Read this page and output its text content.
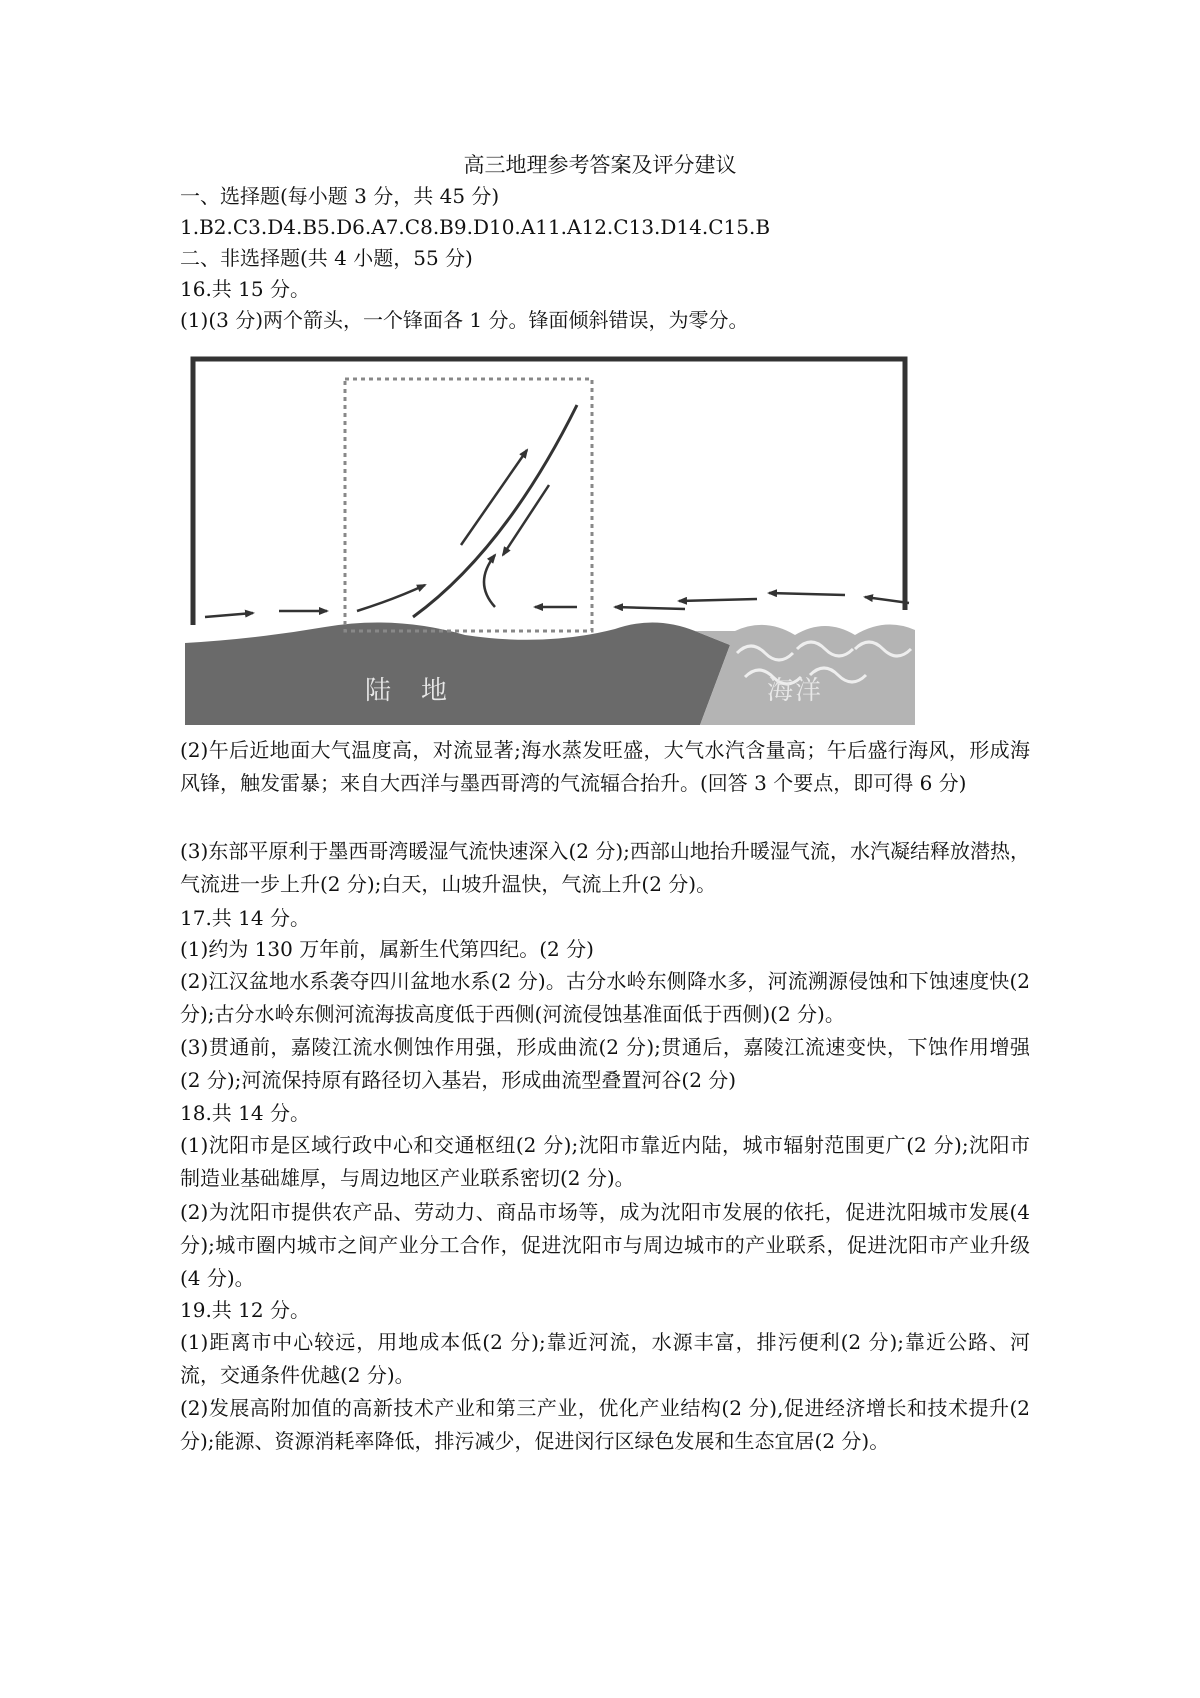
高三地理参考答案及评分建议
一、选择题(每小题 3 分，共 45 分)
1.B2.C3.D4.B5.D6.A7.C8.B9.D10.A11.A12.C13.D14.C15.B
二、非选择题(共 4 小题，55 分)
16.共 15 分。
(1)(3 分)两个箭头，一个锋面各 1 分。锋面倾斜错误，为零分。
陆　地	海洋
(2)午后近地面大气温度高，对流显著;海水蒸发旺盛，大气水汽含量高；午后盛行海风，形成海风锋，触发雷暴；来自大西洋与墨西哥湾的气流辐合抬升。(回答 3 个要点，即可得 6 分)
(3)东部平原利于墨西哥湾暖湿气流快速深入(2 分);西部山地抬升暖湿气流，水汽凝结释放潜热，气流进一步上升(2 分);白天，山坡升温快，气流上升(2 分)。
17.共 14 分。
(1)约为 130 万年前，属新生代第四纪。(2 分)
(2)江汉盆地水系袭夺四川盆地水系(2 分)。古分水岭东侧降水多，河流溯源侵蚀和下蚀速度快(2 分);古分水岭东侧河流海拔高度低于西侧(河流侵蚀基准面低于西侧)(2 分)。
(3)贯通前，嘉陵江流水侧蚀作用强，形成曲流(2 分);贯通后，嘉陵江流速变快，下蚀作用增强(2 分);河流保持原有路径切入基岩，形成曲流型叠置河谷(2 分)
18.共 14 分。
(1)沈阳市是区域行政中心和交通枢纽(2 分);沈阳市靠近内陆，城市辐射范围更广(2 分);沈阳市制造业基础雄厚，与周边地区产业联系密切(2 分)。
(2)为沈阳市提供农产品、劳动力、商品市场等，成为沈阳市发展的依托，促进沈阳城市发展(4 分);城市圈内城市之间产业分工合作，促进沈阳市与周边城市的产业联系，促进沈阳市产业升级(4 分)。
19.共 12 分。
(1)距离市中心较远，用地成本低(2 分);靠近河流，水源丰富，排污便利(2 分);靠近公路、河流，交通条件优越(2 分)。
(2)发展高附加值的高新技术产业和第三产业，优化产业结构(2 分),促进经济增长和技术提升(2 分);能源、资源消耗率降低，排污减少，促进闵行区绿色发展和生态宜居(2 分)。
